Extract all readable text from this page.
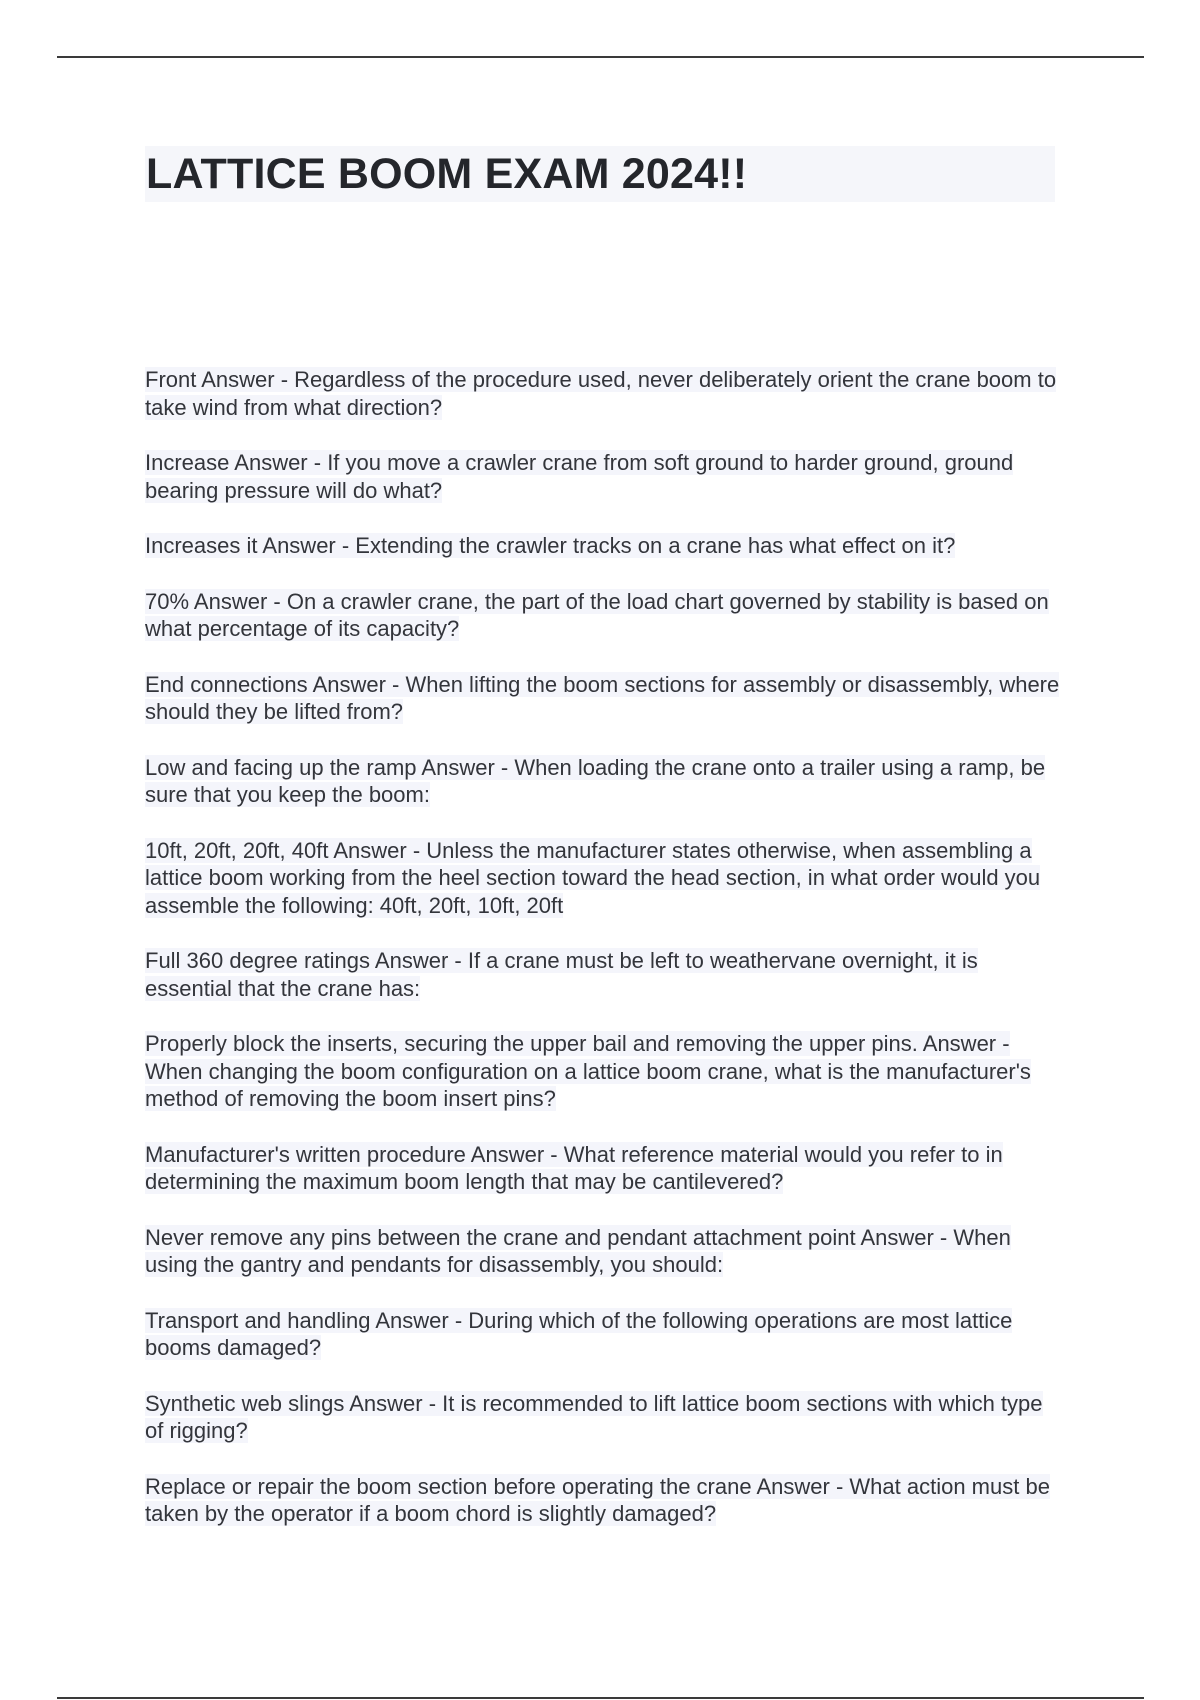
LATTICE BOOM EXAM 2024!!
Front Answer - Regardless of the procedure used, never deliberately orient the crane boom to take wind from what direction?
Increase Answer - If you move a crawler crane from soft ground to harder ground, ground bearing pressure will do what?
Increases it Answer - Extending the crawler tracks on a crane has what effect on it?
70% Answer - On a crawler crane, the part of the load chart governed by stability is based on what percentage of its capacity?
End connections Answer - When lifting the boom sections for assembly or disassembly, where should they be lifted from?
Low and facing up the ramp Answer - When loading the crane onto a trailer using a ramp, be sure that you keep the boom:
10ft, 20ft, 20ft, 40ft Answer - Unless the manufacturer states otherwise, when assembling a lattice boom working from the heel section toward the head section, in what order would you assemble the following: 40ft, 20ft, 10ft, 20ft
Full 360 degree ratings Answer - If a crane must be left to weathervane overnight, it is essential that the crane has:
Properly block the inserts, securing the upper bail and removing the upper pins. Answer - When changing the boom configuration on a lattice boom crane, what is the manufacturer's method of removing the boom insert pins?
Manufacturer's written procedure Answer - What reference material would you refer to in determining the maximum boom length that may be cantilevered?
Never remove any pins between the crane and pendant attachment point Answer - When using the gantry and pendants for disassembly, you should:
Transport and handling Answer - During which of the following operations are most lattice booms damaged?
Synthetic web slings Answer - It is recommended to lift lattice boom sections with which type of rigging?
Replace or repair the boom section before operating the crane Answer - What action must be taken by the operator if a boom chord is slightly damaged?
